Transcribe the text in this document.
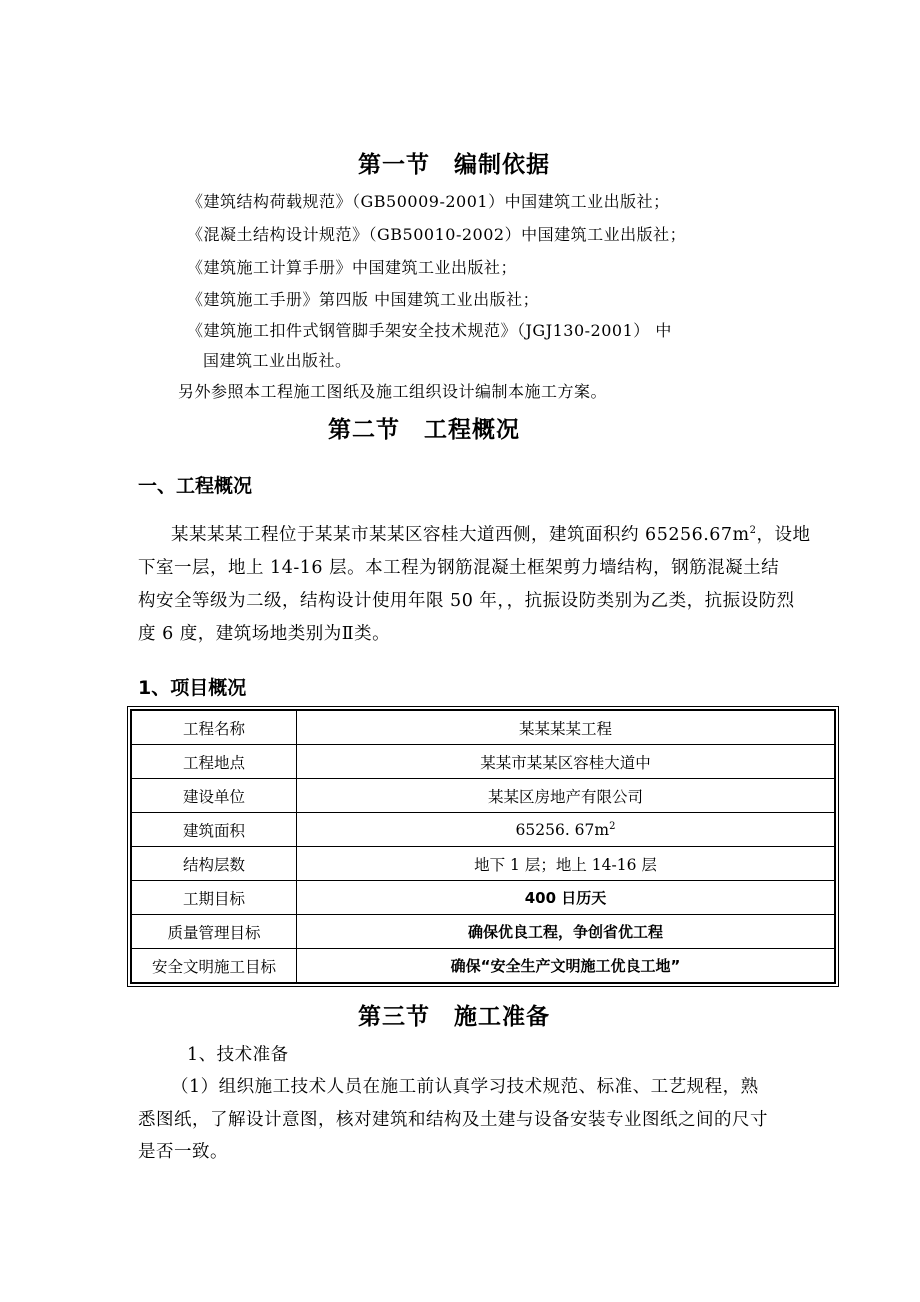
第一节　编制依据
《建筑结构荷载规范》（GB50009-2001）中国建筑工业出版社；
《混凝土结构设计规范》（GB50010-2002）中国建筑工业出版社；
《建筑施工计算手册》中国建筑工业出版社；
《建筑施工手册》第四版 中国建筑工业出版社；
《建筑施工扣件式钢管脚手架安全技术规范》（JGJ130-2001） 中
国建筑工业出版社。
另外参照本工程施工图纸及施工组织设计编制本施工方案。
第二节　工程概况
一、工程概况
某某某某工程位于某某市某某区容桂大道西侧，建筑面积约 $65256.67m^2$，设地
下室一层，地上 14-16 层。本工程为钢筋混凝土框架剪力墙结构，钢筋混凝土结
构安全等级为二级，结构设计使用年限 50 年，，抗振设防类别为乙类，抗振设防烈
度 6 度，建筑场地类别为Ⅱ类。
1、项目概况
工程名称	某某某某工程
工程地点	某某市某某区容桂大道中
建设单位	某某区房地产有限公司
建筑面积	65256. $67m^2$
结构层数	地下 1 层；地上 14-16 层
工期目标	400 日历天
质量管理目标	确保优良工程，争创省优工程
安全文明施工目标	确保“安全生产文明施工优良工地”
第三节　施工准备
1、技术准备
（1）组织施工技术人员在施工前认真学习技术规范、标准、工艺规程，熟
悉图纸，了解设计意图，核对建筑和结构及土建与设备安装专业图纸之间的尺寸
是否一致。
